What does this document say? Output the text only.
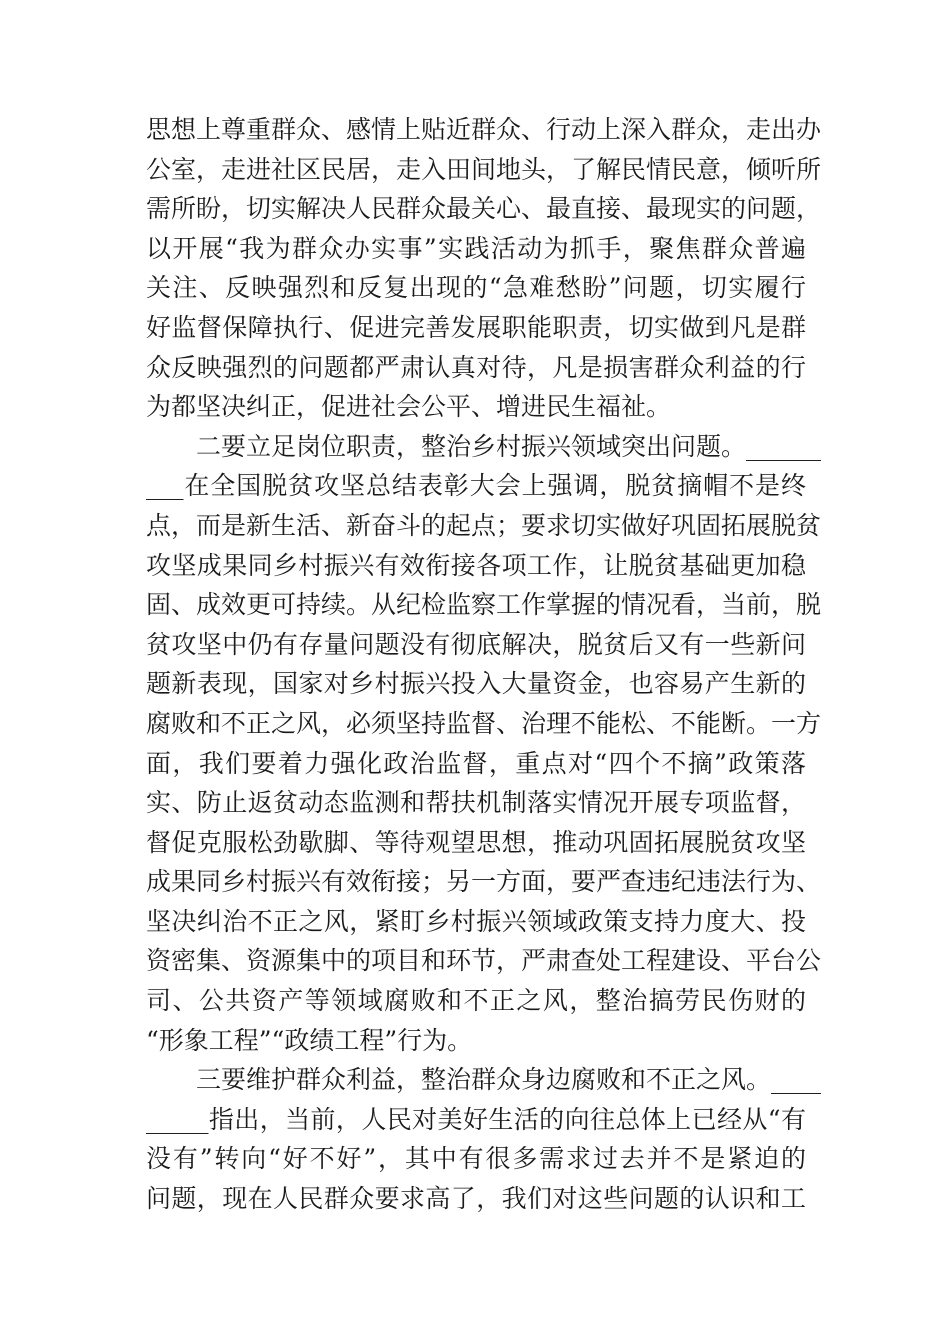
思想上尊重群众、感情上贴近群众、行动上深入群众，走出办
公室，走进社区民居，走入田间地头，了解民情民意，倾听所
需所盼，切实解决人民群众最关心、最直接、最现实的问题，
以开展“我为群众办实事”实践活动为抓手，聚焦群众普遍
关注、反映强烈和反复出现的“急难愁盼”问题，切实履行
好监督保障执行、促进完善发展职能职责，切实做到凡是群
众反映强烈的问题都严肃认真对待，凡是损害群众利益的行
为都坚决纠正，促进社会公平、增进民生福祉。
二要立足岗位职责，整治乡村振兴领域突出问题。______
___在全国脱贫攻坚总结表彰大会上强调，脱贫摘帽不是终
点，而是新生活、新奋斗的起点；要求切实做好巩固拓展脱贫
攻坚成果同乡村振兴有效衔接各项工作，让脱贫基础更加稳
固、成效更可持续。从纪检监察工作掌握的情况看，当前，脱
贫攻坚中仍有存量问题没有彻底解决，脱贫后又有一些新问
题新表现，国家对乡村振兴投入大量资金，也容易产生新的
腐败和不正之风，必须坚持监督、治理不能松、不能断。一方
面，我们要着力强化政治监督，重点对“四个不摘”政策落
实、防止返贫动态监测和帮扶机制落实情况开展专项监督，
督促克服松劲歇脚、等待观望思想，推动巩固拓展脱贫攻坚
成果同乡村振兴有效衔接；另一方面，要严查违纪违法行为、
坚决纠治不正之风，紧盯乡村振兴领域政策支持力度大、投
资密集、资源集中的项目和环节，严肃查处工程建设、平台公
司、公共资产等领域腐败和不正之风，整治搞劳民伤财的
“形象工程”“政绩工程”行为。
三要维护群众利益，整治群众身边腐败和不正之风。____
_____指出，当前，人民对美好生活的向往总体上已经从“有
没有”转向“好不好”，其中有很多需求过去并不是紧迫的
问题，现在人民群众要求高了，我们对这些问题的认识和工
